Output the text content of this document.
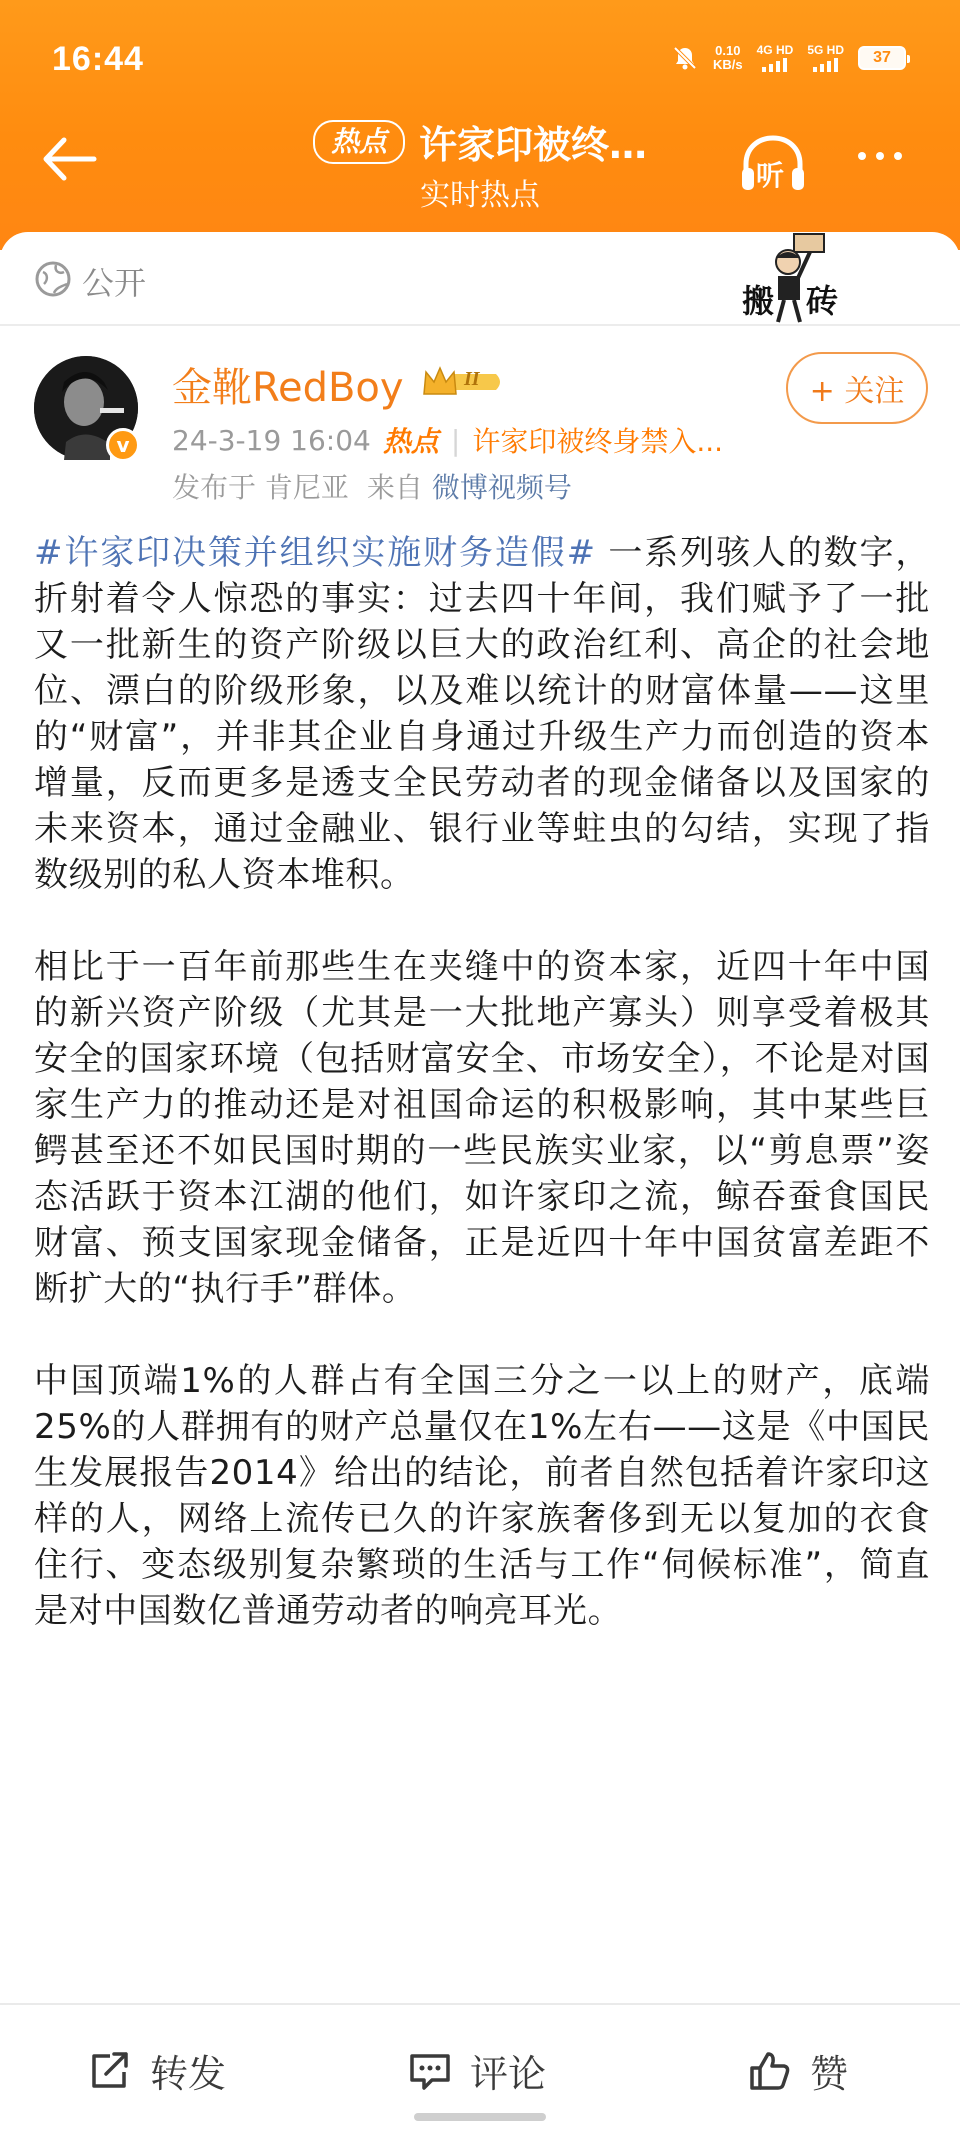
16:44	0.10
KB/s
4G HD 5G HD 37
热点 许家印被终…
实时热点
听
公开	搬 砖
v
金靴RedBoy	II	+ 关注
24-3-19 16:04 热点 | 许家印被终身禁入...
发布于 肯尼亚 来自 微博视频号

#许家印决策并组织实施财务造假# 一系列骇人的数字，折射着令人惊恐的事实：过去四十年间，我们赋予了一批又一批新生的资产阶级以巨大的政治红利、高企的社会地位、漂白的阶级形象，以及难以统计的财富体量——这里的“财富”，并非其企业自身通过升级生产力而创造的资本增量，反而更多是透支全民劳动者的现金储备以及国家的未来资本，通过金融业、银行业等蛀虫的勾结，实现了指数级别的私人资本堆积。

相比于一百年前那些生在夹缝中的资本家，近四十年中国的新兴资产阶级（尤其是一大批地产寡头）则享受着极其安全的国家环境（包括财富安全、市场安全），不论是对国家生产力的推动还是对祖国命运的积极影响，其中某些巨鳄甚至还不如民国时期的一些民族实业家，以“剪息票”姿态活跃于资本江湖的他们，如许家印之流，鲸吞蚕食国民财富、预支国家现金储备，正是近四十年中国贫富差距不断扩大的“执行手”群体。

中国顶端1%的人群占有全国三分之一以上的财产，底端25%的人群拥有的财产总量仅在1%左右——这是《中国民生发展报告2014》给出的结论，前者自然包括着许家印这样的人，网络上流传已久的许家族奢侈到无以复加的衣食住行、变态级别复杂繁琐的生活与工作“伺候标准”，简直是对中国数亿普通劳动者的响亮耳光。

转发	评论	赞
